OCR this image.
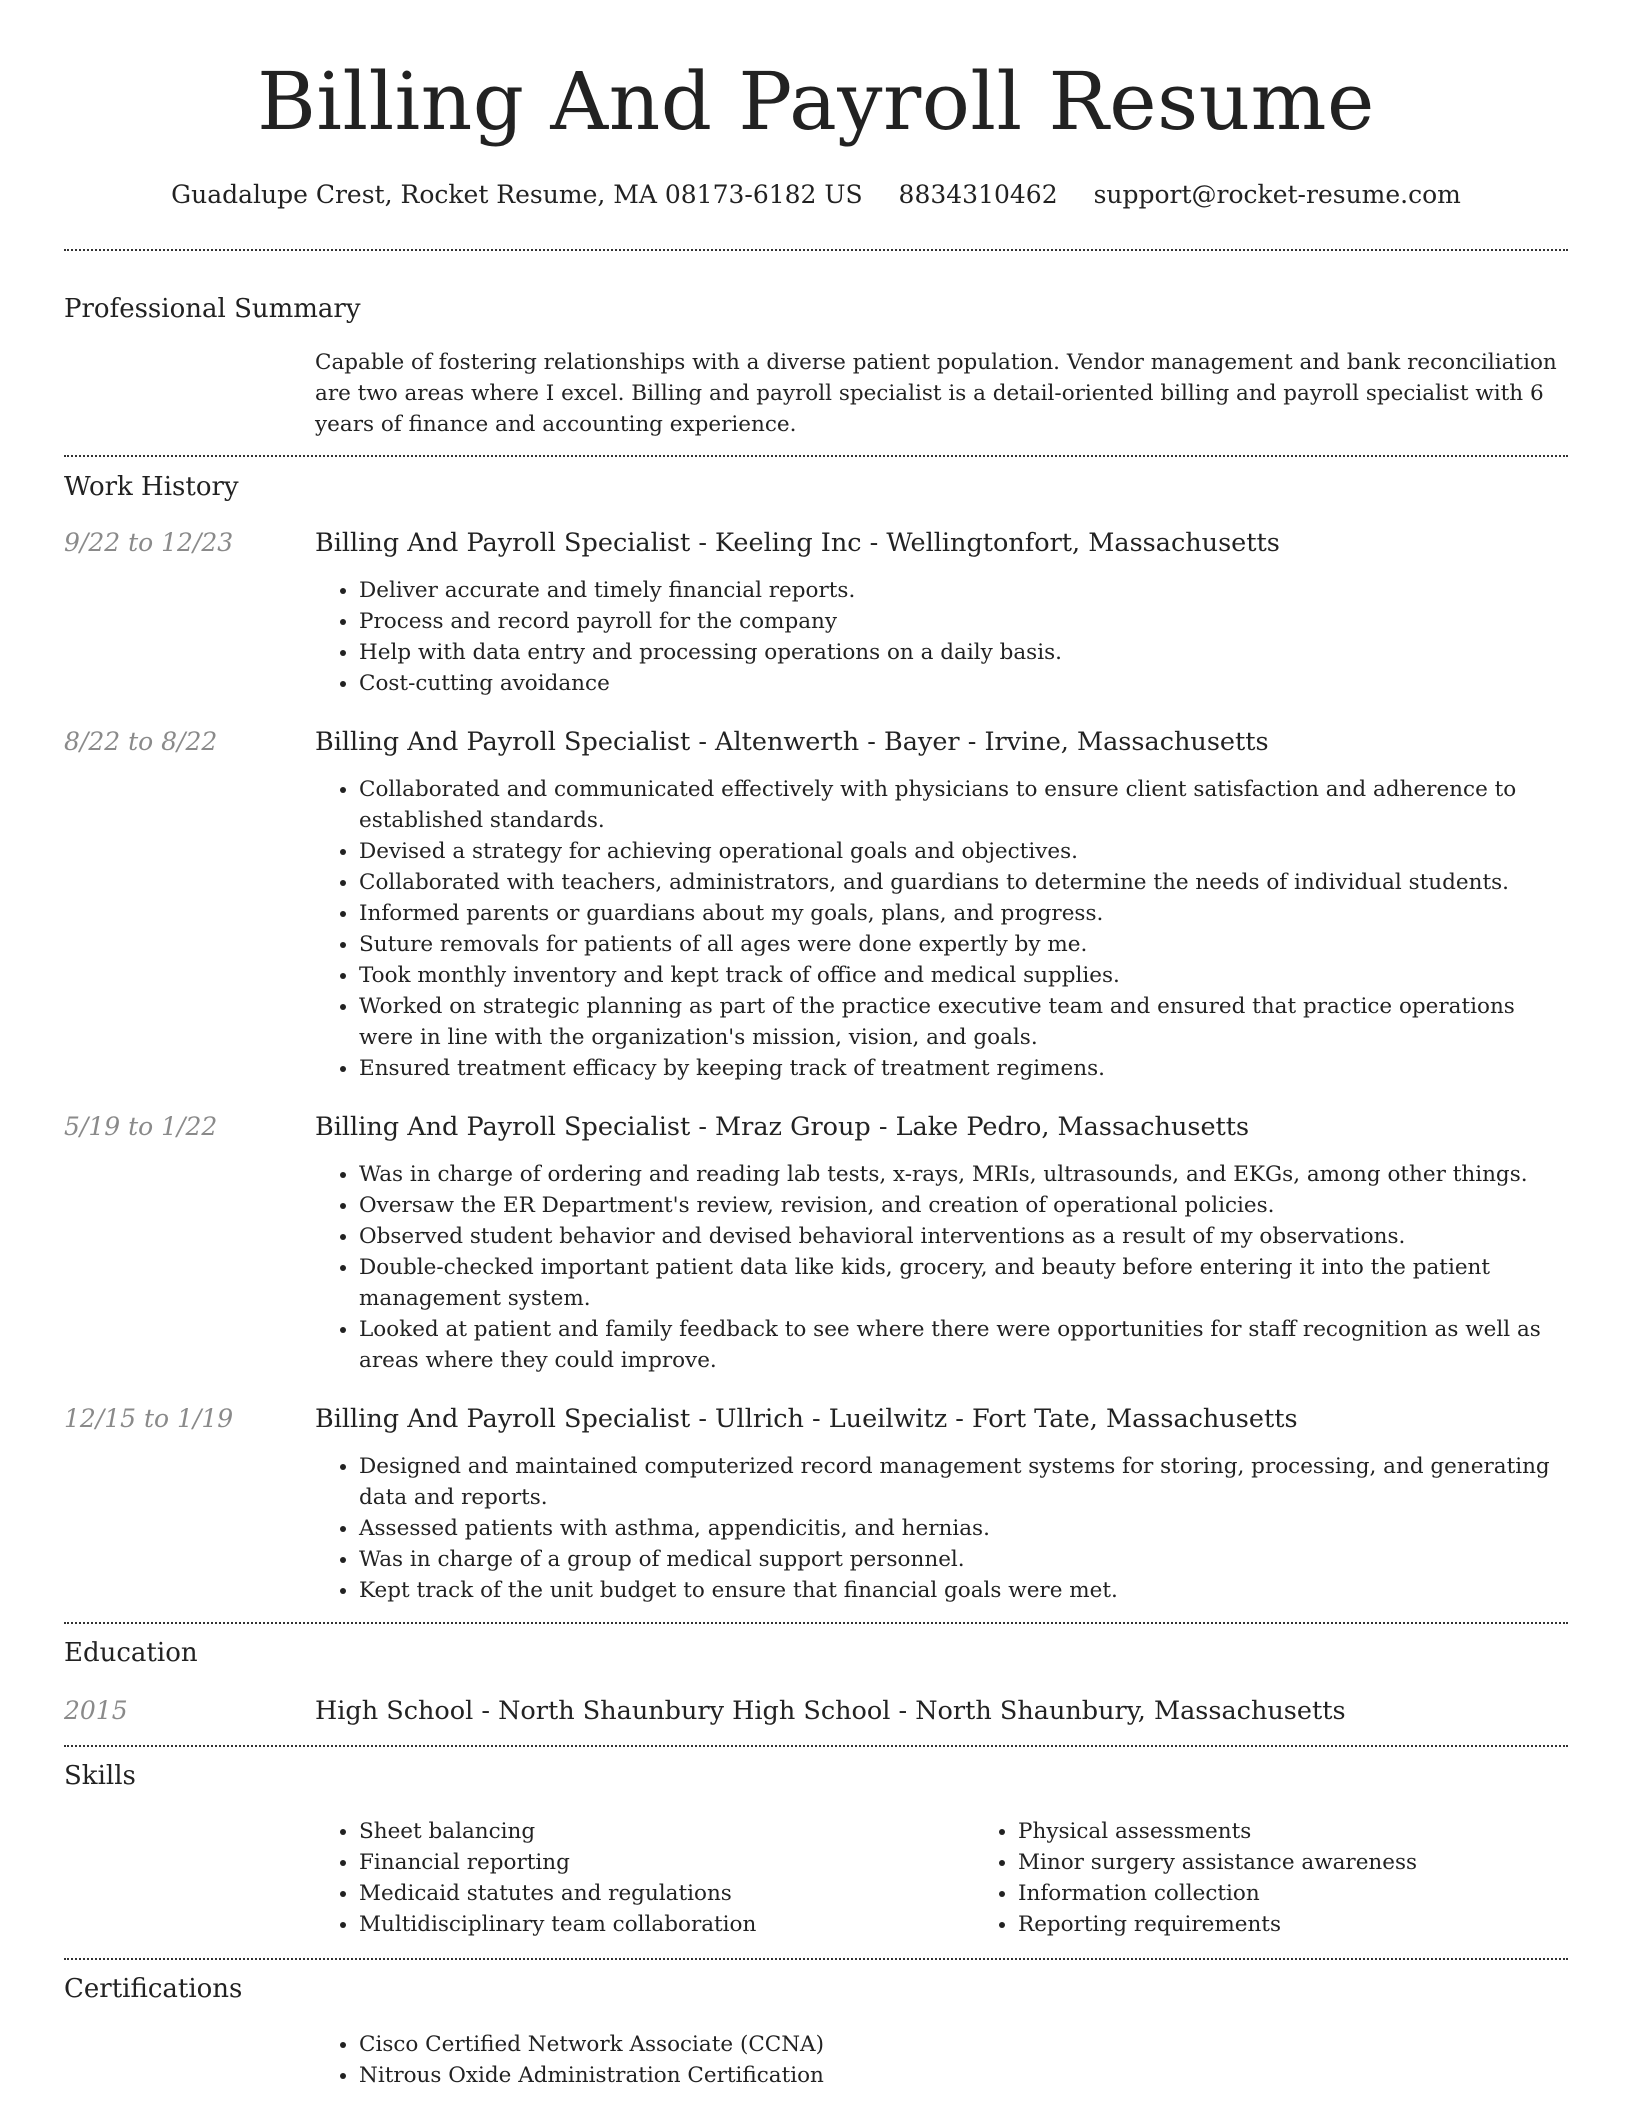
Billing And Payroll Resume
Guadalupe Crest, Rocket Resume, MA 08173-6182 US 8834310462 support@rocket-resume.com
Professional Summary

Capable of fostering relationships with a diverse patient population. Vendor management and bank reconciliation are two areas where I excel. Billing and payroll specialist is a detail-oriented billing and payroll specialist with 6 years of finance and accounting experience.

Work History
9/22 to 12/23	Billing And Payroll Specialist - Keeling Inc - Wellingtonfort, Massachusetts
• Deliver accurate and timely financial reports.
• Process and record payroll for the company
• Help with data entry and processing operations on a daily basis.
• Cost-cutting avoidance
8/22 to 8/22	Billing And Payroll Specialist - Altenwerth - Bayer - Irvine, Massachusetts
• Collaborated and communicated effectively with physicians to ensure client satisfaction and adherence to established standards.
• Devised a strategy for achieving operational goals and objectives.
• Collaborated with teachers, administrators, and guardians to determine the needs of individual students.
• Informed parents or guardians about my goals, plans, and progress.
• Suture removals for patients of all ages were done expertly by me.
• Took monthly inventory and kept track of office and medical supplies.
• Worked on strategic planning as part of the practice executive team and ensured that practice operations were in line with the organization's mission, vision, and goals.
• Ensured treatment efficacy by keeping track of treatment regimens.
5/19 to 1/22	Billing And Payroll Specialist - Mraz Group - Lake Pedro, Massachusetts
• Was in charge of ordering and reading lab tests, x-rays, MRIs, ultrasounds, and EKGs, among other things.
• Oversaw the ER Department's review, revision, and creation of operational policies.
• Observed student behavior and devised behavioral interventions as a result of my observations.
• Double-checked important patient data like kids, grocery, and beauty before entering it into the patient management system.
• Looked at patient and family feedback to see where there were opportunities for staff recognition as well as areas where they could improve.
12/15 to 1/19	Billing And Payroll Specialist - Ullrich - Lueilwitz - Fort Tate, Massachusetts
• Designed and maintained computerized record management systems for storing, processing, and generating data and reports.
• Assessed patients with asthma, appendicitis, and hernias.
• Was in charge of a group of medical support personnel.
• Kept track of the unit budget to ensure that financial goals were met.
Education
2015	High School - North Shaunbury High School - North Shaunbury, Massachusetts
Skills
• Sheet balancing
• Financial reporting
• Medicaid statutes and regulations
• Multidisciplinary team collaboration
• Physical assessments
• Minor surgery assistance awareness
• Information collection
• Reporting requirements
Certifications
• Cisco Certified Network Associate (CCNA)
• Nitrous Oxide Administration Certification
